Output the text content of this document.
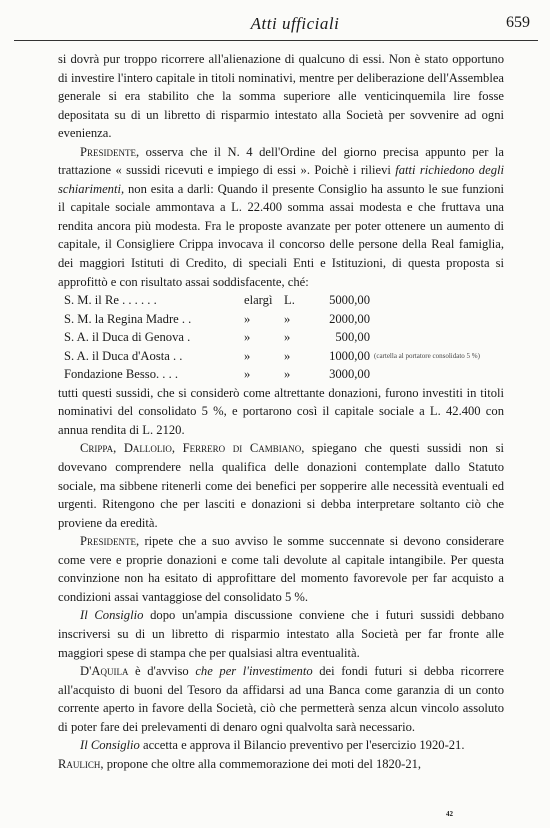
Atti ufficiali	659

si dovrà pur troppo ricorrere all'alienazione di qualcuno di essi. Non è stato opportuno di investire l'intero capitale in titoli nominativi, mentre per deliberazione dell'Assemblea generale si era stabilito che la somma superiore alle venticinquemila lire fosse depositata su di un libretto di risparmio intestato alla Società per sovvenire ad ogni evenienza.

Presidente, osserva che il N. 4 dell'Ordine del giorno precisa appunto per la trattazione « sussidi ricevuti e impiego di essi ». Poichè i rilievi fatti richiedono degli schiarimenti, non esita a darli: Quando il presente Consiglio ha assunto le sue funzioni il capitale sociale ammontava a L. 22.400 somma assai modesta e che fruttava una rendita ancora più modesta. Fra le proposte avanzate per poter ottenere un aumento di capitale, il Consigliere Crippa invocava il concorso delle persone della Real famiglia, dei maggiori Istituti di Credito, di speciali Enti e Istituzioni, di questa proposta si approfittò e con risultato assai soddisfacente, ché:

S. M. il Re . . . . . .	elargì L.	5000,00
S. M. la Regina Madre . .	»	»	2000,00
S. A. il Duca di Genova .	»	»	500,00
S. A. il Duca d'Aosta . .	»	»	1000,00 (cartella al portatore consolidato 5 %)
Fondazione Besso. . . .	»	»	3000,00

tutti questi sussidi, che si considerò come altrettante donazioni, furono investiti in titoli nominativi del consolidato 5 %, e portarono così il capitale sociale a L. 42.400 con annua rendita di L. 2120.

Crippa, Dallolio, Ferrero di Cambiano, spiegano che questi sussidi non si dovevano comprendere nella qualifica delle donazioni contemplate dallo Statuto sociale, ma sibbene ritenerli come dei benefici per sopperire alle necessità eventuali ed urgenti. Ritengono che per lasciti e donazioni si debba interpretare soltanto ciò che proviene da eredità.

Presidente, ripete che a suo avviso le somme succennate si devono considerare come vere e proprie donazioni e come tali devolute al capitale intangibile. Per questa convinzione non ha esitato di approfittare del momento favorevole per far acquisto a condizioni assai vantaggiose del consolidato 5 %.

Il Consiglio dopo un'ampia discussione conviene che i futuri sussidi debbano inscriversi su di un libretto di risparmio intestato alla Società per far fronte alle maggiori spese di stampa che per qualsiasi altra eventualità.

D'Aquila è d'avviso che per l'investimento dei fondi futuri si debba ricorrere all'acquisto di buoni del Tesoro da affidarsi ad una Banca come garanzia di un conto corrente aperto in favore della Società, ciò che permetterà senza alcun vincolo assoluto di poter fare dei prelevamenti di denaro ogni qualvolta sarà necessario.

Il Consiglio accetta e approva il Bilancio preventivo per l'esercizio 1920-21.

Raulich, propone che oltre alla commemorazione dei moti del 1820-21,

42
